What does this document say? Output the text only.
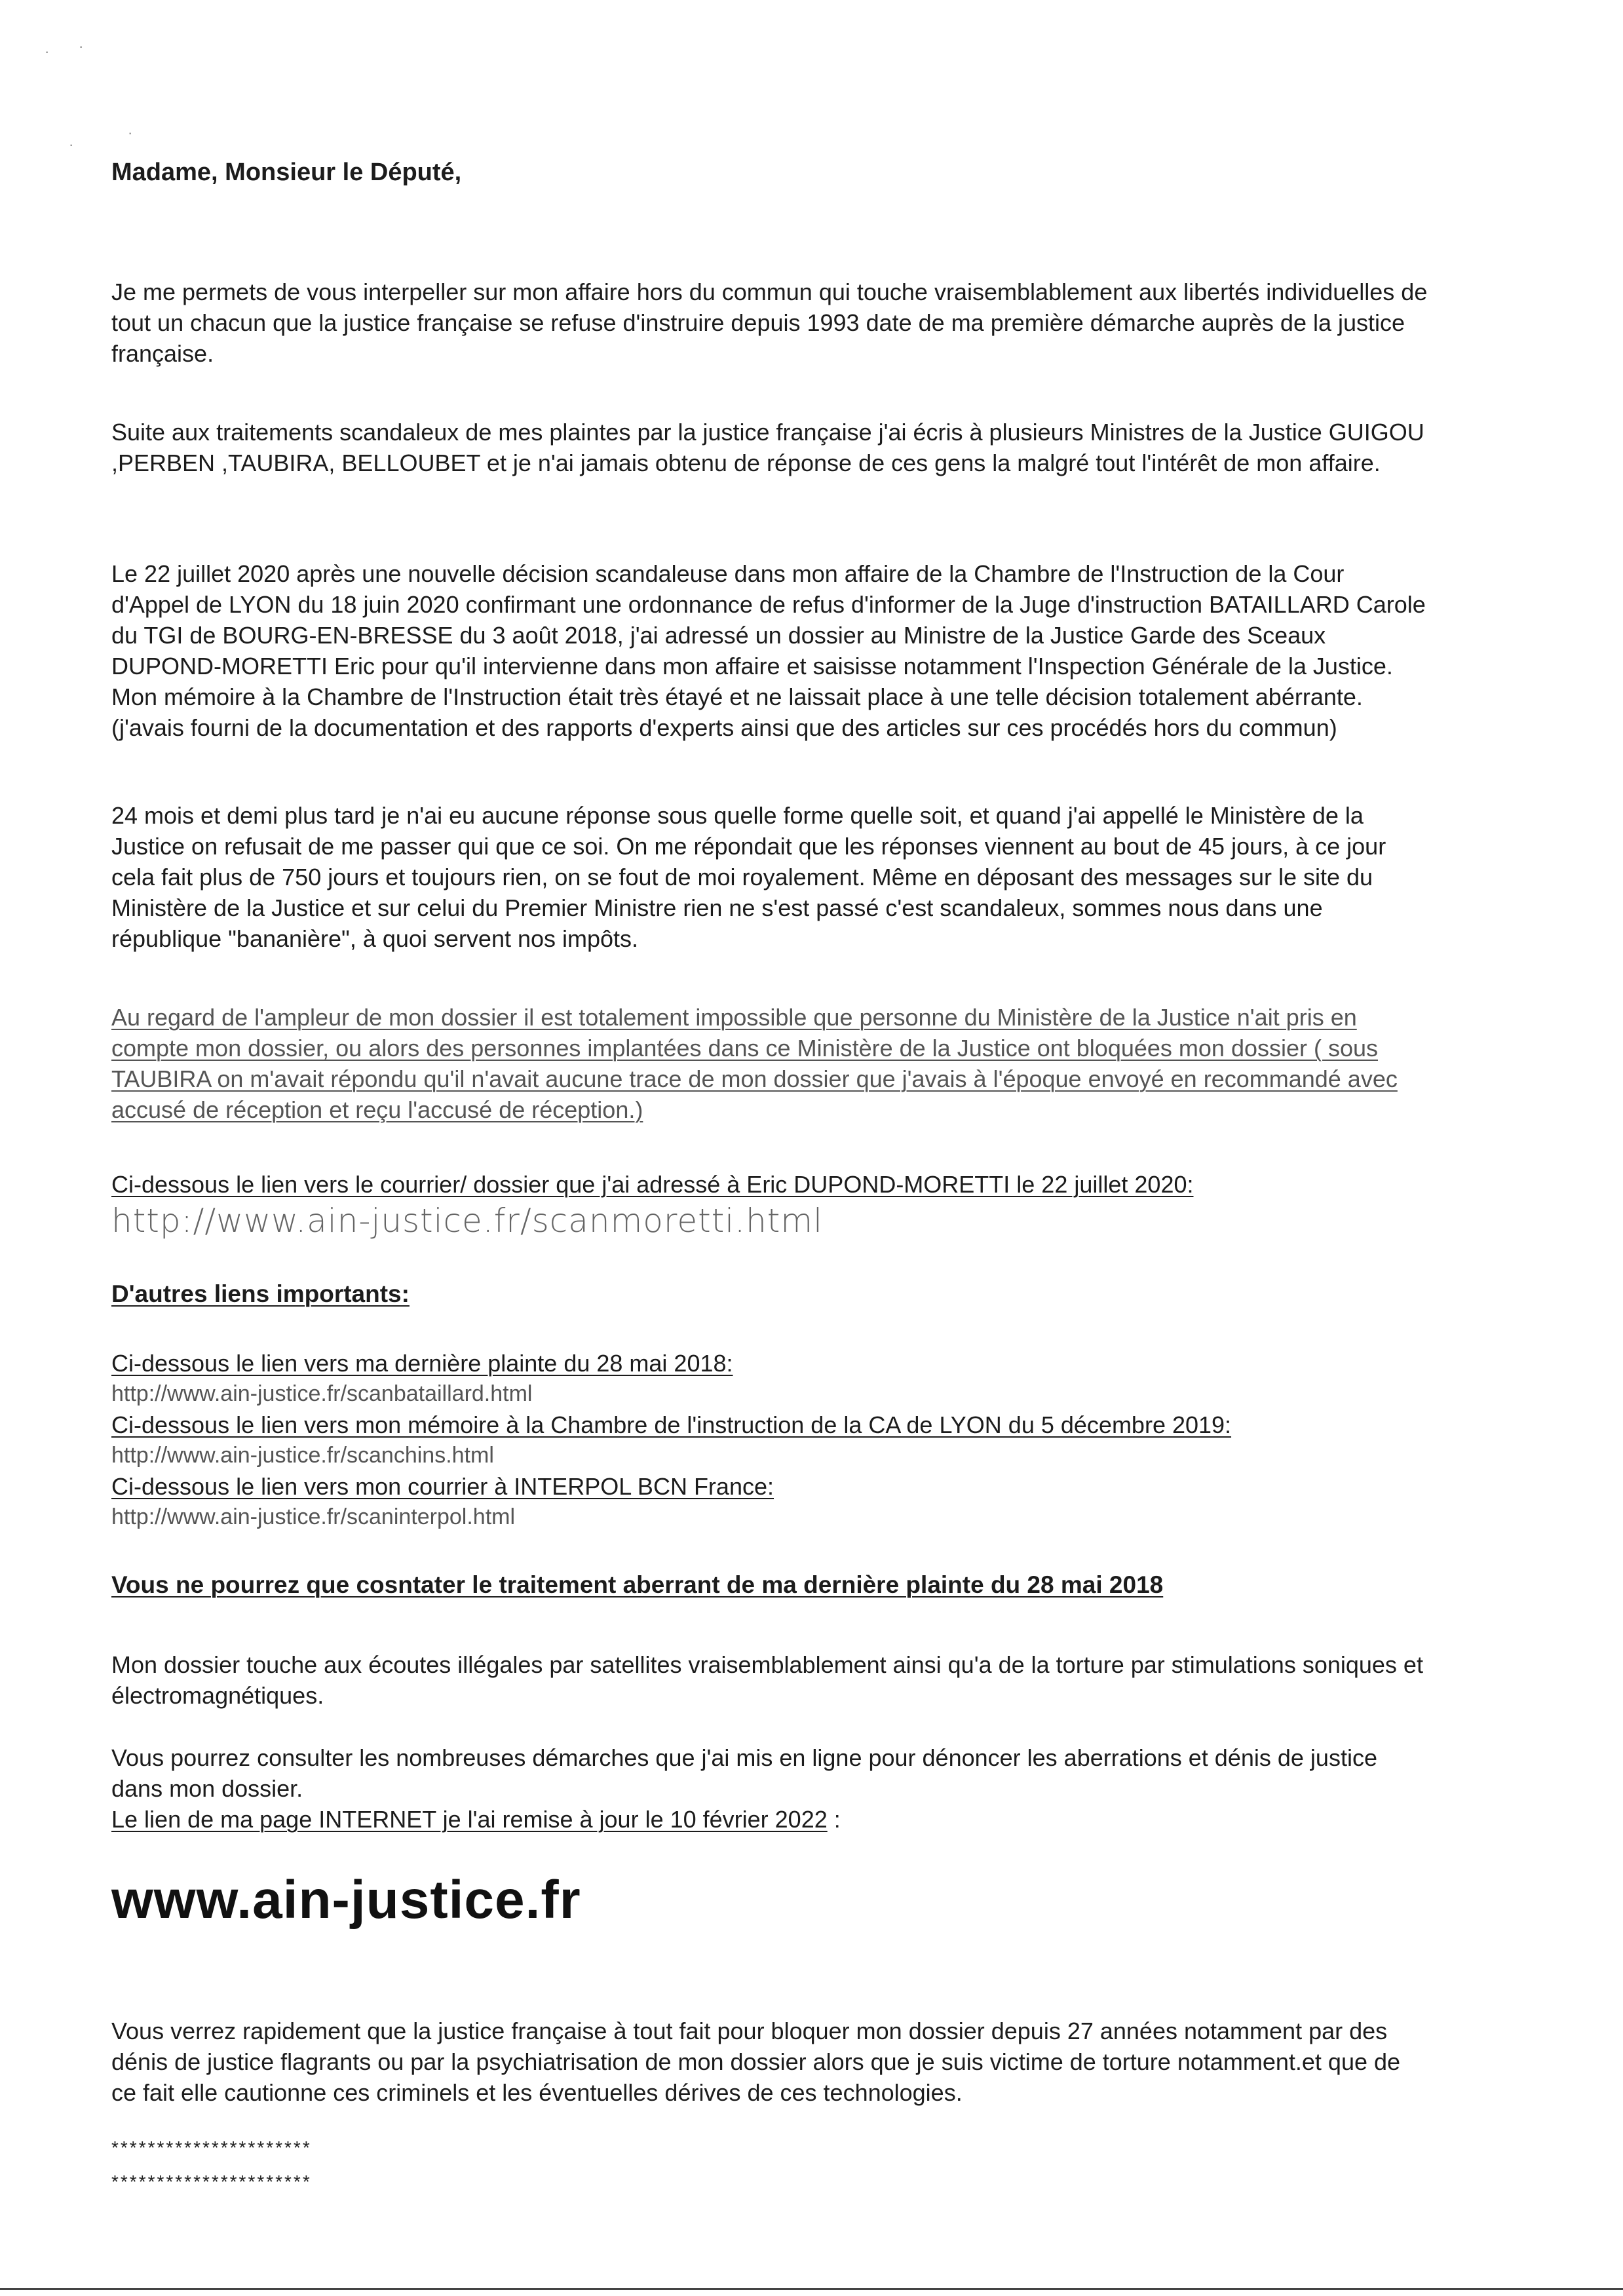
· ·
·
·

Madame, Monsieur le Député,

Je me permets de vous interpeller sur mon affaire hors du commun qui touche vraisemblablement aux libertés individuelles de tout un chacun que la justice française se refuse d'instruire depuis 1993 date de ma première démarche auprès de la justice française.

Suite aux traitements scandaleux de mes plaintes par la justice française j'ai écris à plusieurs Ministres de la Justice GUIGOU ,PERBEN ,TAUBIRA, BELLOUBET et je n'ai jamais obtenu de réponse de ces gens la malgré tout l'intérêt de mon affaire.

Le 22 juillet 2020 après une nouvelle décision scandaleuse dans mon affaire de la Chambre de l'Instruction de la Cour d'Appel de LYON du 18 juin 2020 confirmant une ordonnance de refus d'informer de la Juge d'instruction BATAILLARD Carole du TGI de BOURG-EN-BRESSE du 3 août 2018, j'ai adressé un dossier au Ministre de la Justice Garde des Sceaux DUPOND-MORETTI Eric pour qu'il intervienne dans mon affaire et saisisse notamment l'Inspection Générale de la Justice. Mon mémoire à la Chambre de l'Instruction était très étayé et ne laissait place à une telle décision totalement abérrante. (j'avais fourni de la documentation et des rapports d'experts ainsi que des articles sur ces procédés hors du commun)

24 mois et demi plus tard je n'ai eu aucune réponse sous quelle forme quelle soit, et quand j'ai appellé le Ministère de la Justice on refusait de me passer qui que ce soi. On me répondait que les réponses viennent au bout de 45 jours, à ce jour cela fait plus de 750 jours et toujours rien, on se fout de moi royalement. Même en déposant des messages sur le site du Ministère de la Justice et sur celui du Premier Ministre rien ne s'est passé c'est scandaleux, sommes nous dans une république "bananière", à quoi servent nos impôts.

Au regard de l'ampleur de mon dossier il est totalement impossible que personne du Ministère de la Justice n'ait pris en compte mon dossier, ou alors des personnes implantées dans ce Ministère de la Justice ont bloquées mon dossier ( sous TAUBIRA on m'avait répondu qu'il n'avait aucune trace de mon dossier que j'avais à l'époque envoyé en recommandé avec accusé de réception et reçu l'accusé de réception.)

Ci-dessous le lien vers le courrier/ dossier que j'ai adressé à Eric DUPOND-MORETTI le 22 juillet 2020:

http://www.ain-justice.fr/scanmoretti.html

D'autres liens importants:

Ci-dessous le lien vers ma dernière plainte du 28 mai 2018:
http://www.ain-justice.fr/scanbataillard.html
Ci-dessous le lien vers mon mémoire à la Chambre de l'instruction de la CA de LYON du 5 décembre 2019:
http://www.ain-justice.fr/scanchins.html
Ci-dessous le lien vers mon courrier à INTERPOL BCN France:
http://www.ain-justice.fr/scaninterpol.html

Vous ne pourrez que cosntater le traitement aberrant de ma dernière plainte du 28 mai 2018

Mon dossier touche aux écoutes illégales par satellites vraisemblablement ainsi qu'a de la torture par stimulations soniques et électromagnétiques.

Vous pourrez consulter les nombreuses démarches que j'ai mis en ligne pour dénoncer les aberrations et dénis de justice dans mon dossier.
Le lien de ma page INTERNET je l'ai remise à jour le 10 février 2022 :

www.ain-justice.fr

Vous verrez rapidement que la justice française à tout fait pour bloquer mon dossier depuis 27 années notamment par des dénis de justice flagrants ou par la psychiatrisation de mon dossier alors que je suis victime de torture notamment.et que de ce fait elle cautionne ces criminels et les éventuelles dérives de ces technologies.

**********************

**********************
